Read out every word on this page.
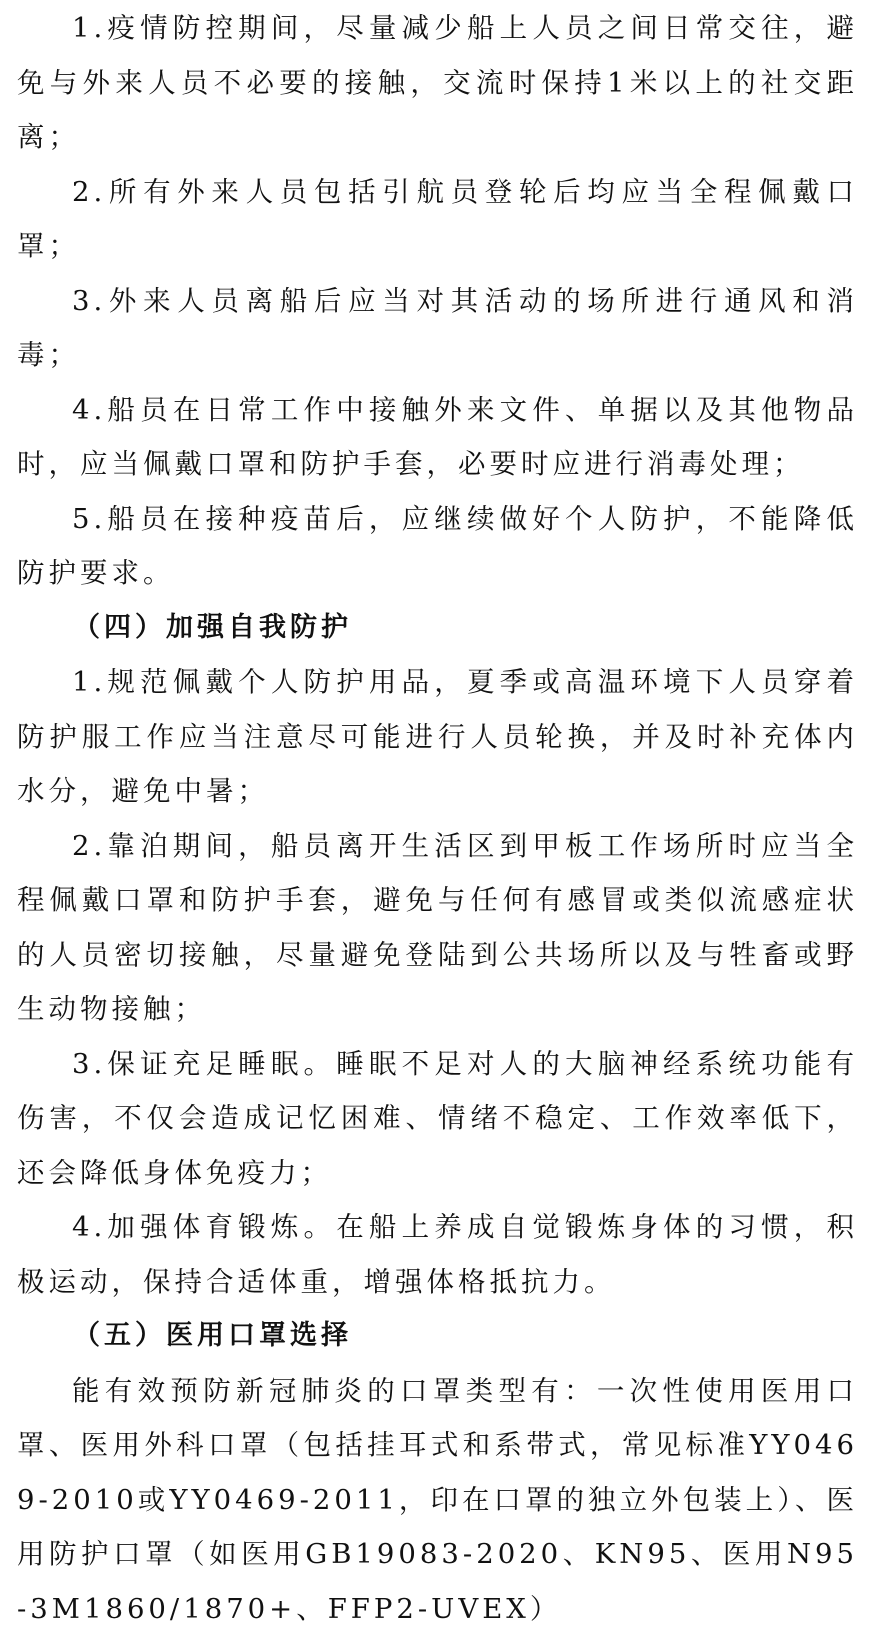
1.疫情防控期间，尽量减少船上人员之间日常交往，避免与外来人员不必要的接触，交流时保持1米以上的社交距离；

2.所有外来人员包括引航员登轮后均应当全程佩戴口罩；

3.外来人员离船后应当对其活动的场所进行通风和消毒；

4.船员在日常工作中接触外来文件、单据以及其他物品时，应当佩戴口罩和防护手套，必要时应进行消毒处理；

5.船员在接种疫苗后，应继续做好个人防护，不能降低防护要求。

（四）加强自我防护

1.规范佩戴个人防护用品，夏季或高温环境下人员穿着防护服工作应当注意尽可能进行人员轮换，并及时补充体内水分，避免中暑；

2.靠泊期间，船员离开生活区到甲板工作场所时应当全程佩戴口罩和防护手套，避免与任何有感冒或类似流感症状的人员密切接触，尽量避免登陆到公共场所以及与牲畜或野生动物接触；

3.保证充足睡眠。睡眠不足对人的大脑神经系统功能有伤害，不仅会造成记忆困难、情绪不稳定、工作效率低下，还会降低身体免疫力；

4.加强体育锻炼。在船上养成自觉锻炼身体的习惯，积极运动，保持合适体重，增强体格抵抗力。

（五）医用口罩选择

能有效预防新冠肺炎的口罩类型有：一次性使用医用口罩、医用外科口罩（包括挂耳式和系带式，常见标准YY0469-2010或YY0469-2011，印在口罩的独立外包装上）、医用防护口罩（如医用GB19083-2020、KN95、医用N95-3M1860/1870+、FFP2-UVEX）
